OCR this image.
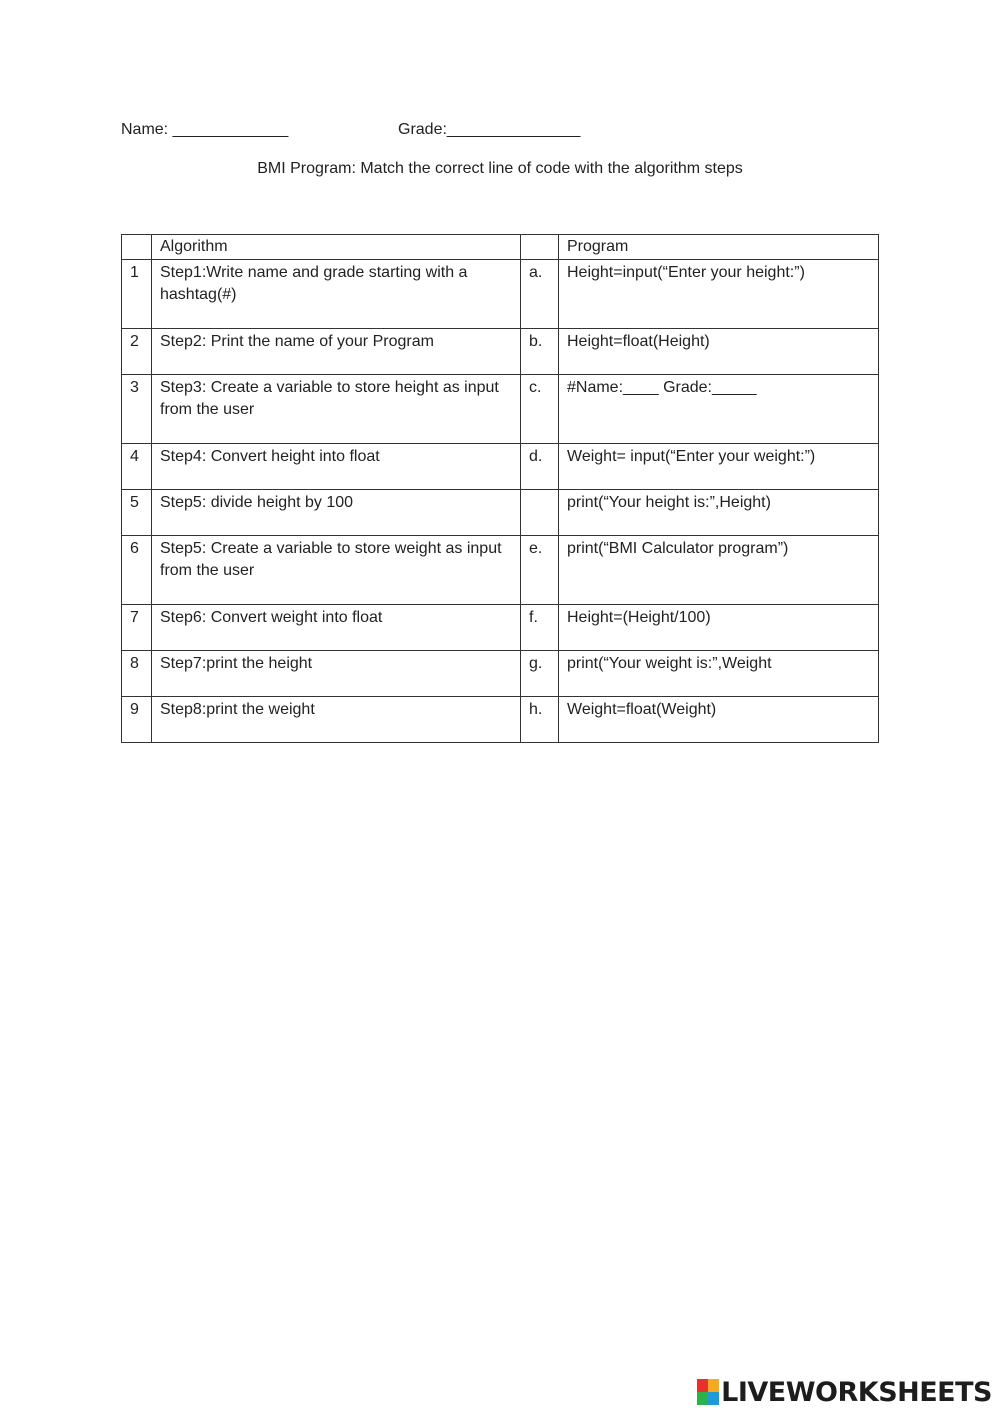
Name: _____________	Grade:_______________
BMI Program: Match the correct line of code with the algorithm steps
	Algorithm		Program
1	Step1:Write name and grade starting with a hashtag(#)	a.	Height=input(“Enter your height:”)
2	Step2: Print the name of your Program	b.	Height=float(Height)
3	Step3: Create a variable to store height as input from the user	c.	#Name:____ Grade:_____
4	Step4: Convert height into float	d.	Weight= input(“Enter your weight:”)
5	Step5: divide height by 100		print(“Your height is:”,Height)
6	Step5: Create a variable to store weight as input from the user	e.	print(“BMI Calculator program”)
7	Step6: Convert weight into float	f.	Height=(Height/100)
8	Step7:print the height	g.	print(“Your weight is:”,Weight
9	Step8:print the weight	h.	Weight=float(Weight)
LIVEWORKSHEETS
